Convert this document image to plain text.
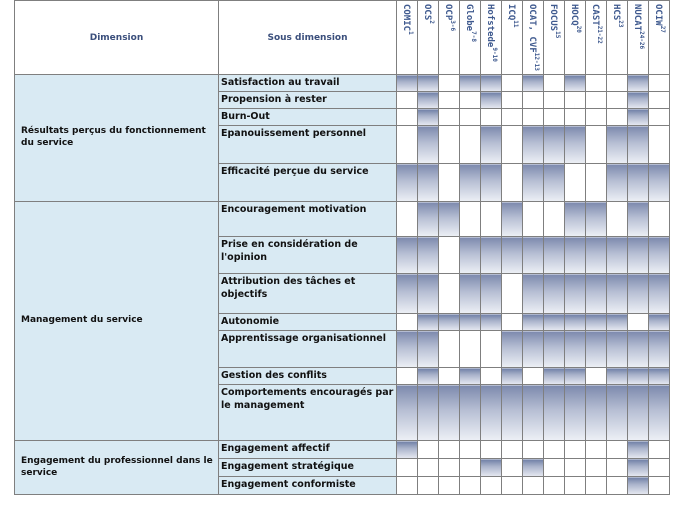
Dimension	Sous dimension	COMIC$^1$	OCS$^2$	OCP$^{3-6}$	Globe$^{7-8}$	Hofstede$^{9-10}$	ICQ$^{11}$	OCAT, CVF$^{12-13}$	FOCUS$^{15}$	HOCQ$^{20}$	CAST$^{21-22}$	HCS$^{23}$	NUCAT$^{24-26}$	OCIW$^{27}$

Résultats perçus du fonctionnement du service	Satisfaction au travail													
	Propension à rester													
	Burn-Out													
	Epanouissement personnel													
	Efficacité perçue du service													
Management du service	Encouragement motivation													
	Prise en considération de l'opinion													
	Attribution des tâches et objectifs													
	Autonomie													
	Apprentissage organisationnel													
	Gestion des conflits													
	Comportements encouragés par le management													
Engagement du professionnel dans le service	Engagement affectif													
	Engagement stratégique													
	Engagement conformiste													
